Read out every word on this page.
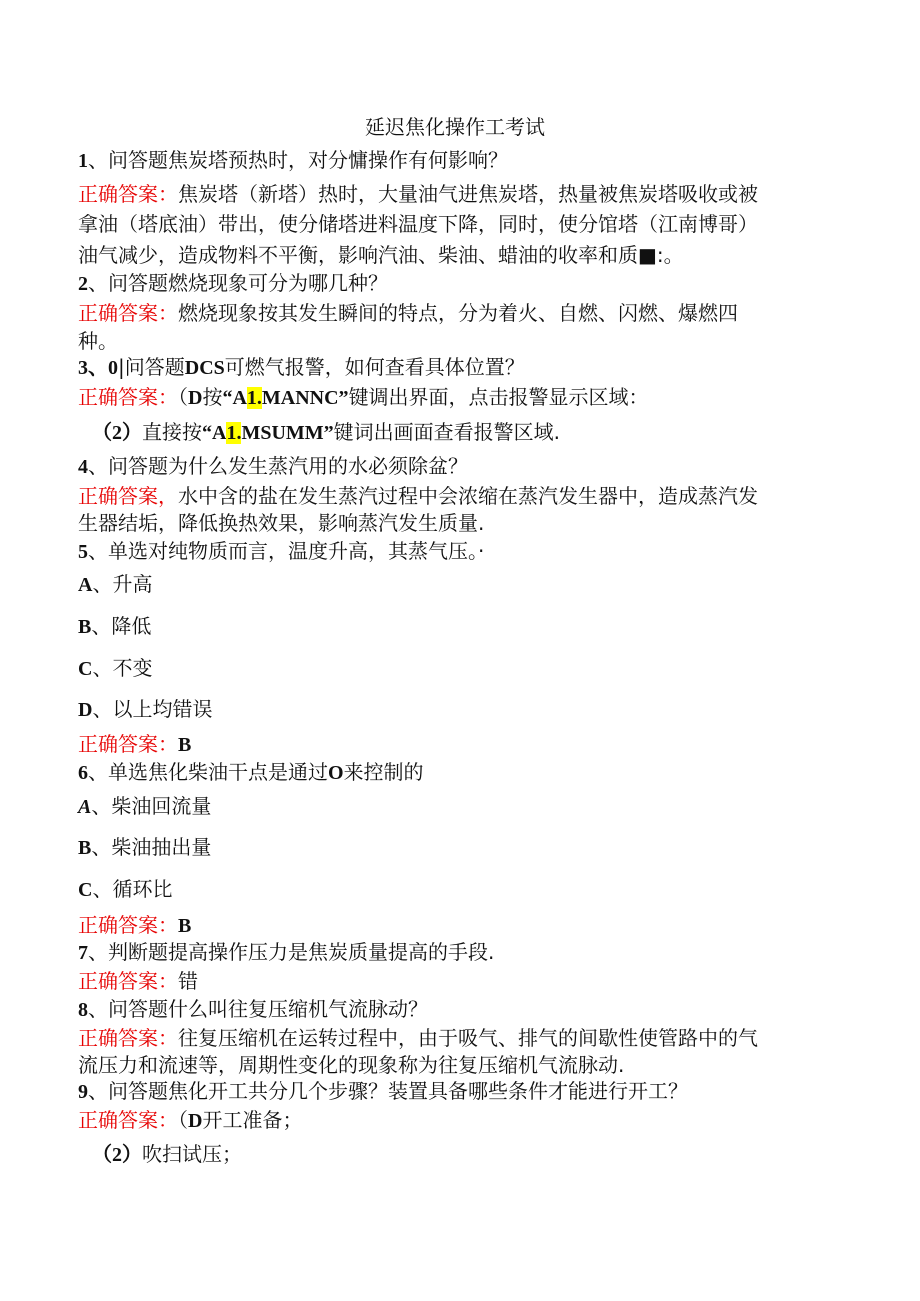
延迟焦化操作工考试
1、问答题焦炭塔预热时，对分慵操作有何影响？
正确答案：焦炭塔（新塔）热时，大量油气进焦炭塔，热量被焦炭塔吸收或被
拿油（塔底油）带出，使分储塔进料温度下降，同时，使分馆塔（江南博哥）
油气减少，造成物料不平衡，影响汽油、柴油、蜡油的收率和质■:。
2、问答题燃烧现象可分为哪几种？
正确答案：燃烧现象按其发生瞬间的特点，分为着火、自燃、闪燃、爆燃四
种。
3、0|问答题DCS可燃气报警，如何查看具体位置？
正确答案：（D按“A1.MANNC”键调出界面，点击报警显示区域：
（2）直接按“A1.MSUMM”键词出画面查看报警区域.
4、问答题为什么发生蒸汽用的水必须除盆？
正确答案，水中含的盐在发生蒸汽过程中会浓缩在蒸汽发生器中，造成蒸汽发
生器结垢，降低换热效果，影响蒸汽发生质量.
5、单选对纯物质而言，温度升高，其蒸气压。·
A、升高
B、降低
C、不变
D、以上均错误
正确答案：B
6、单选焦化柴油干点是通过O来控制的
A、柴油回流量
B、柴油抽出量
C、循环比
正确答案：B
7、判断题提高操作压力是焦炭质量提高的手段.
正确答案：错
8、问答题什么叫往复压缩机气流脉动？
正确答案：往复压缩机在运转过程中，由于吸气、排气的间歇性使管路中的气
流压力和流速等，周期性变化的现象称为往复压缩机气流脉动.
9、问答题焦化开工共分几个步骤？装置具备哪些条件才能进行开工？
正确答案：（D开工准备；
（2）吹扫试压；
